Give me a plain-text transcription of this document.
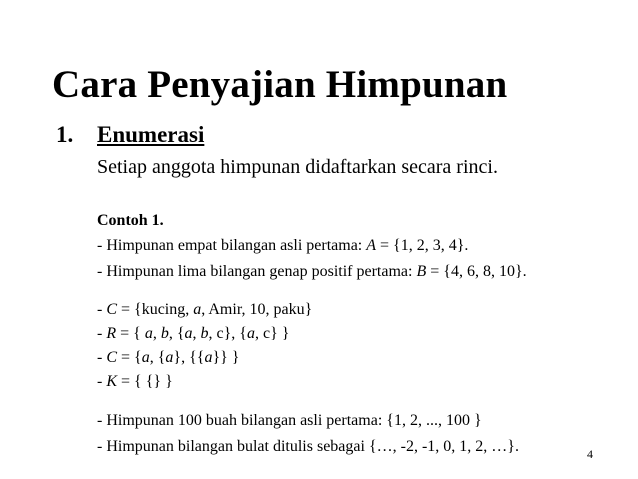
Cara Penyajian Himpunan
1. Enumerasi
Setiap anggota himpunan didaftarkan secara rinci.
Contoh 1.
- Himpunan empat bilangan asli pertama: A = {1, 2, 3, 4}.
- Himpunan lima bilangan genap positif pertama: B = {4, 6, 8, 10}.
- C = {kucing, a, Amir, 10, paku}
- R = { a, b, {a, b, c}, {a, c} }
- C = {a, {a}, {{a}} }
- K = { {} }
- Himpunan 100 buah bilangan asli pertama: {1, 2, ..., 100 }
- Himpunan bilangan bulat ditulis sebagai {…, -2, -1, 0, 1, 2, …}.	4
